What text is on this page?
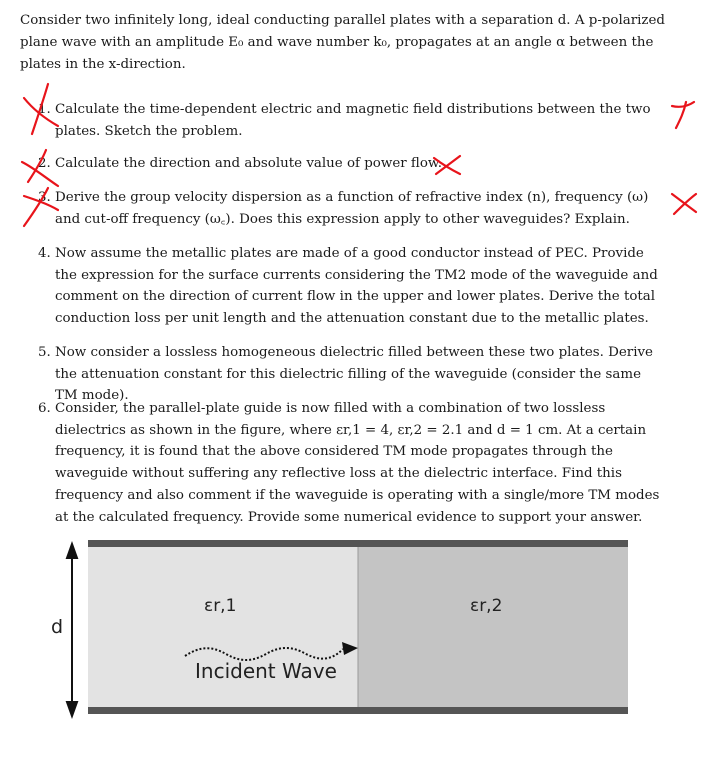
Consider two infinitely long, ideal conducting parallel plates with a separation d. A p-polarized plane wave with an amplitude E₀ and wave number k₀, propagates at an angle α between the plates in the x-direction.
1. Calculate the time-dependent electric and magnetic field distributions between the two plates. Sketch the problem.
2. Calculate the direction and absolute value of power flow.
3. Derive the group velocity dispersion as a function of refractive index (n), frequency (ω) and cut-off frequency (ω꜀). Does this expression apply to other waveguides? Explain.
4. Now assume the metallic plates are made of a good conductor instead of PEC. Provide the expression for the surface currents considering the TM2 mode of the waveguide and comment on the direction of current flow in the upper and lower plates. Derive the total conduction loss per unit length and the attenuation constant due to the metallic plates.
5. Now consider a lossless homogeneous dielectric filled between these two plates. Derive the attenuation constant for this dielectric filling of the waveguide (consider the same TM mode).
6. Consider, the parallel-plate guide is now filled with a combination of two lossless dielectrics as shown in the figure, where εr,1 = 4, εr,2 = 2.1 and d = 1 cm. At a certain frequency, it is found that the above considered TM mode propagates through the waveguide without suffering any reflective loss at the dielectric interface. Find this frequency and also comment if the waveguide is operating with a single/more TM modes at the calculated frequency. Provide some numerical evidence to support your answer.
d
εr,1	εr,2
Incident Wave
